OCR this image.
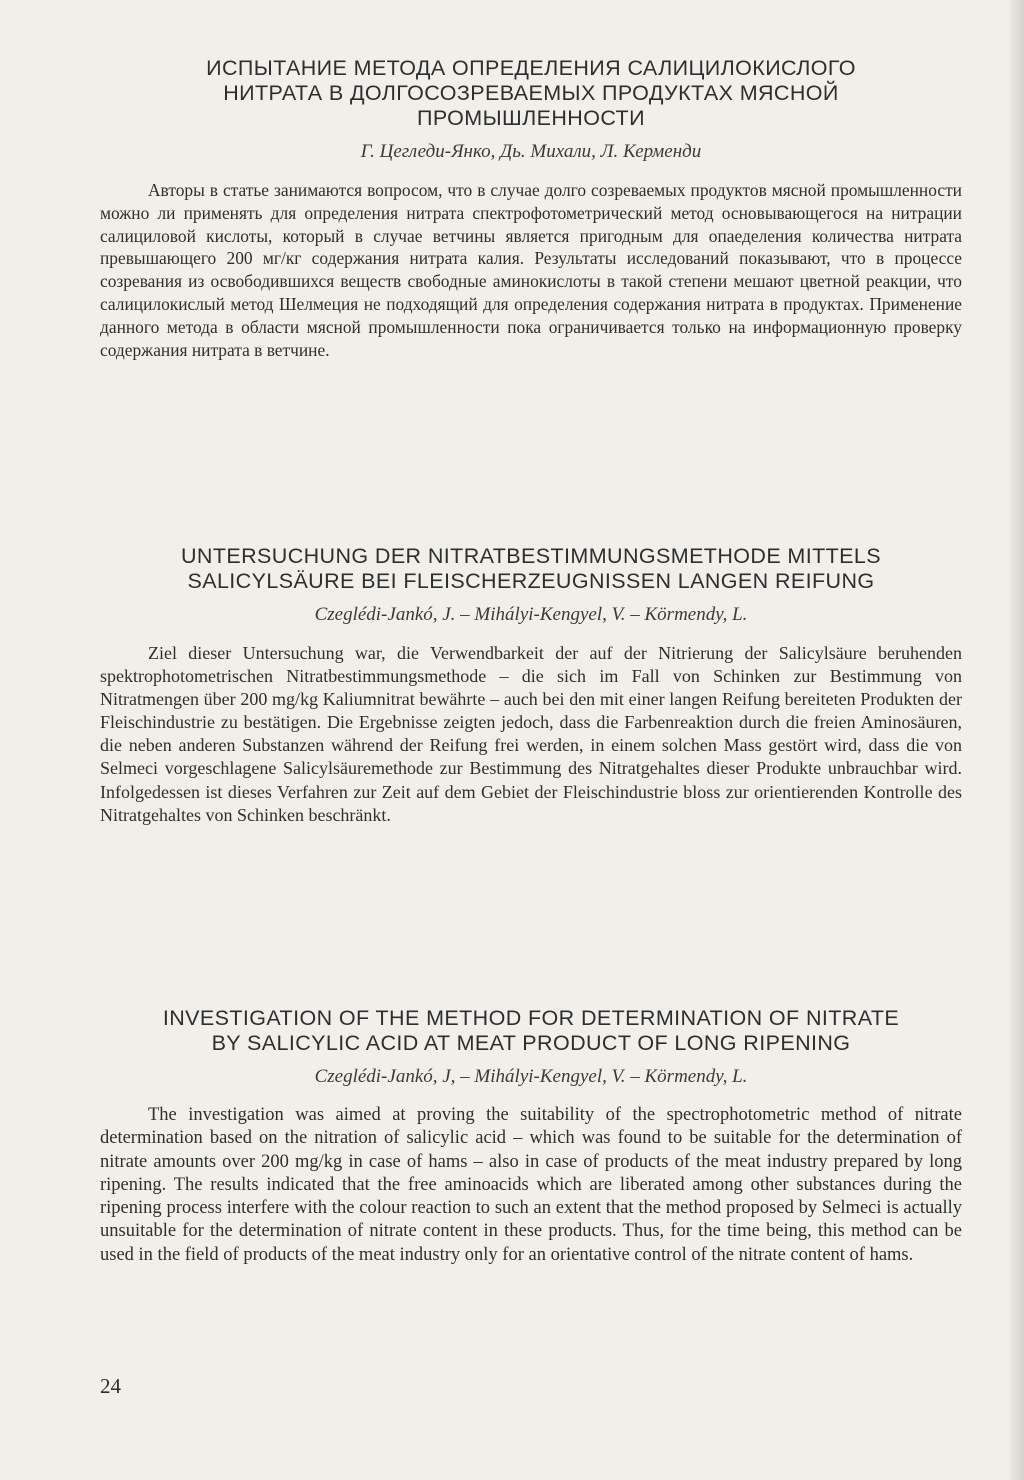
ИСПЫТАНИЕ МЕТОДА ОПРЕДЕЛЕНИЯ САЛИЦИЛОКИСЛОГО
НИТРАТА В ДОЛГОСОЗРЕВАЕМЫХ ПРОДУКТАХ МЯСНОЙ
ПРОМЫШЛЕННОСТИ
Г. Цегледи-Янко, Дь. Михали, Л. Керменди

Авторы в статье занимаются вопросом, что в случае долго созреваемых продуктов мясной промышленности можно ли применять для определения нитрата спектрофотометрический метод основывающегося на нитрации салициловой кислоты, который в случае ветчины является пригодным для опаеделения количества нитрата превышающего 200 мг/кг содержания нитрата калия. Результаты исследований показывают, что в процессе созревания из освободившихся веществ свободные аминокислоты в такой степени мешают цветной реакции, что салицилокислый метод Шелмеция не подходящий для определения содержания нитрата в продуктах. Применение данного метода в области мясной промышленности пока ограничивается только на информационную проверку содержания нитрата в ветчине.

UNTERSUCHUNG DER NITRATBESTIMMUNGSMETHODE MITTELS
SALICYLSÄURE BEI FLEISCHERZEUGNISSEN LANGEN REIFUNG
Czeglédi-Jankó, J. – Mihályi-Kengyel, V. – Körmendy, L.

Ziel dieser Untersuchung war, die Verwendbarkeit der auf der Nitrierung der Salicylsäure beruhenden spektrophotometrischen Nitratbestimmungsmethode – die sich im Fall von Schinken zur Bestimmung von Nitratmengen über 200 mg/kg Kaliumnitrat bewährte – auch bei den mit einer langen Reifung bereiteten Produkten der Fleischindustrie zu bestätigen. Die Ergebnisse zeigten jedoch, dass die Farbenreaktion durch die freien Aminosäuren, die neben anderen Substanzen während der Reifung frei werden, in einem solchen Mass gestört wird, dass die von Selmeci vorgeschlagene Salicylsäuremethode zur Bestimmung des Nitratgehaltes dieser Produkte unbrauchbar wird. Infolgedessen ist dieses Verfahren zur Zeit auf dem Gebiet der Fleischindustrie bloss zur orientierenden Kontrolle des Nitratgehaltes von Schinken beschränkt.

INVESTIGATION OF THE METHOD FOR DETERMINATION OF NITRATE
BY SALICYLIC ACID AT MEAT PRODUCT OF LONG RIPENING
Czeglédi-Jankó, J, – Mihályi-Kengyel, V. – Körmendy, L.

The investigation was aimed at proving the suitability of the spectrophotometric method of nitrate determination based on the nitration of salicylic acid – which was found to be suitable for the determination of nitrate amounts over 200 mg/kg in case of hams – also in case of products of the meat industry prepared by long ripening. The results indicated that the free aminoacids which are liberated among other substances during the ripening process interfere with the colour reaction to such an extent that the method proposed by Selmeci is actually unsuitable for the determination of nitrate content in these products. Thus, for the time being, this method can be used in the field of products of the meat industry only for an orientative control of the nitrate content of hams.

24
